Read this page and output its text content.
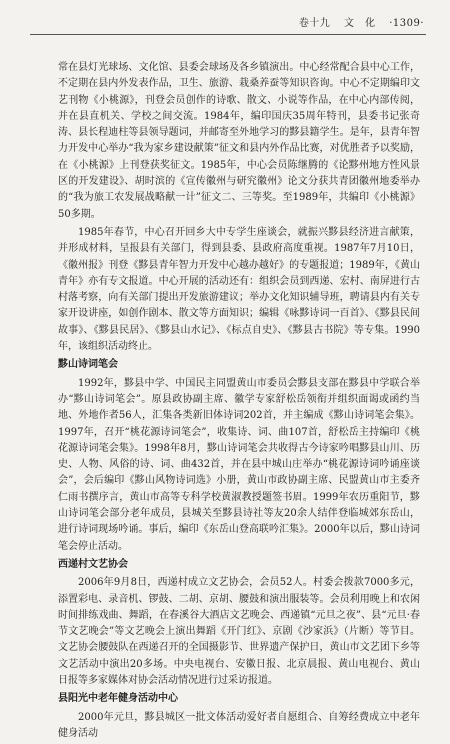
卷十九 文　化 ·1309·

常在县灯光球场、文化馆、县委会球场及各乡镇演出。中心经常配合县中心工作，不定期在县内外发表作品，卫生、旅游、栽桑养蚕等知识咨询。中心不定期编印文艺刊物《小桃源》，刊登会员创作的诗歌、散文、小说等作品，在中心内部传阅，并在县直机关、学校之间交流。1984年，编印国庆35周年特刊，县委书记张奇涛、县长程迪柱等县领导题词，并邮寄至外地学习的黟县籍学生。是年，县青年智力开发中心举办“我为家乡建设献策”征文和县内外作品比赛，对优胜者予以奖励，在《小桃源》上刊登获奖征文。1985年，中心会员陈继腾的《论黟州地方性风景区的开发建设》、胡时滨的《宣传徽州与研究徽州》论文分获共青团徽州地委举办的“我为旅工农发展战略献一计”征文二、三等奖。至1989年，共编印《小桃源》50多期。

1985年春节，中心召开回乡大中专学生座谈会，就振兴黟县经济进言献策，并形成材料，呈报县有关部门，得到县委、县政府高度重视。1987年7月10日，《徽州报》刊登《黟县青年智力开发中心越办越好》的专题报道；1989年，《黄山青年》亦有专文报道。中心开展的活动还有：组织会员到西递、宏村、南屏进行古村落考察，向有关部门提出开发旅游建议；举办文化知识辅导班，聘请县内有关专家开设讲座，如创作剧本、散文等方面知识；编辑《咏黟诗词一百首》、《黟县民间故事》、《黟县民居》、《黟县山水记》、《标点自史》、《黟县古书院》等专集。1990年，该组织活动终止。

黟山诗词笔会

1992年，黟县中学、中国民主同盟黄山市委员会黟县支部在黟县中学联合举办“黟山诗词笔会”。原县政协副主席、徽学专家舒松岳领衔并组织面谒或函约当地、外地作者56人，汇集各类新旧体诗词202首，并主编成《黟山诗词笔会集》。1997年，召开“桃花源诗词笔会”，收集诗、词、曲107首，舒松岳主持编印《桃花源诗词笔会集》。1998年8月，黟山诗词笔会共收得古今诗家吟唱黟县山川、历史、人物、风俗的诗、词、曲432首，并在县中城山庄举办“桃花源诗词吟诵座谈会”，会后编印《黟山风物诗词选》小册，黄山市政协副主席、民盟黄山市主委齐仁雨书撰序言，黄山市高等专科学校黄淑教授题签书眉。1999年农历重阳节，黟山诗词笔会部分老年成员，县城关至黟县诗社等友20余人结伴登临城郊东岳山，进行诗词现场吟诵。事后，编印《东岳山登高联吟汇集》。2000年以后，黟山诗词笔会停止活动。

西递村文艺协会

2006年9月8日，西递村成立文艺协会，会员52人。村委会拨款7000多元，添置彩电、录音机、锣鼓、二胡、京胡、腰鼓和演出服装等。会员利用晚上和农闲时间排练戏曲、舞蹈，在春溪谷大酒店文艺晚会、西递镇“元旦之夜”、县“元旦·春节文艺晚会”等文艺晚会上演出舞蹈《开门红》、京剧《沙家浜》（片断）等节目。文艺协会腰鼓队在西递召开的全国摄影节、世界遗产保护日，黄山市文艺团下乡等文艺活动中演出20多场。中央电视台、安徽日报、北京晨报、黄山电视台、黄山日报等多家媒体对协会活动情况进行过采访报道。

县阳光中老年健身活动中心

2000年元旦，黟县城区一批文体活动爱好者自愿组合、自筹经费成立中老年健身活动
